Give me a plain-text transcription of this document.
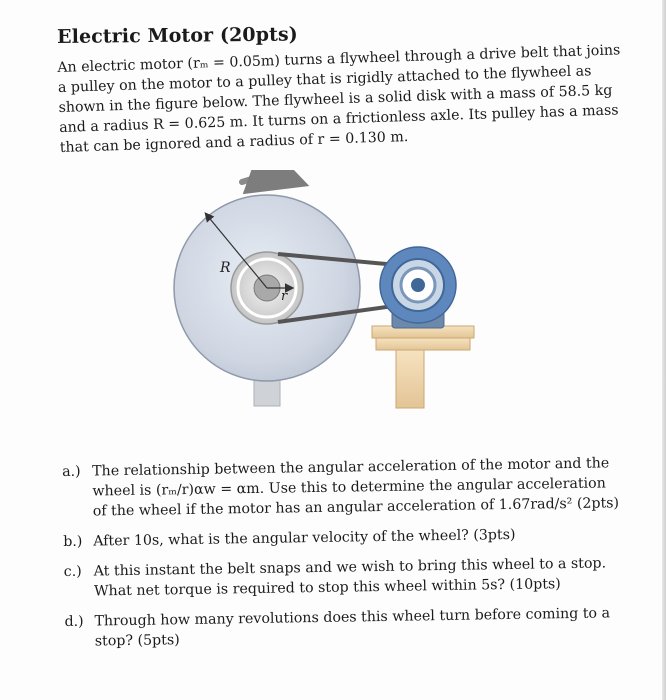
Electric Motor (20pts)

An electric motor (rₘ = 0.05m) turns a flywheel through a drive belt that joins a pulley on the motor to a pulley that is rigidly attached to the flywheel as shown in the figure below. The flywheel is a solid disk with a mass of 58.5 kg and a radius R = 0.625 m. It turns on a frictionless axle. Its pulley has a mass that can be ignored and a radius of r = 0.130 m.

R
r
a.) The relationship between the angular acceleration of the motor and the wheel is (rₘ/r)αw = αm. Use this to determine the angular acceleration of the wheel if the motor has an angular acceleration of 1.67rad/s² (2pts)
b.) After 10s, what is the angular velocity of the wheel? (3pts)
c.) At this instant the belt snaps and we wish to bring this wheel to a stop. What net torque is required to stop this wheel within 5s? (10pts)
d.) Through how many revolutions does this wheel turn before coming to a stop? (5pts)
